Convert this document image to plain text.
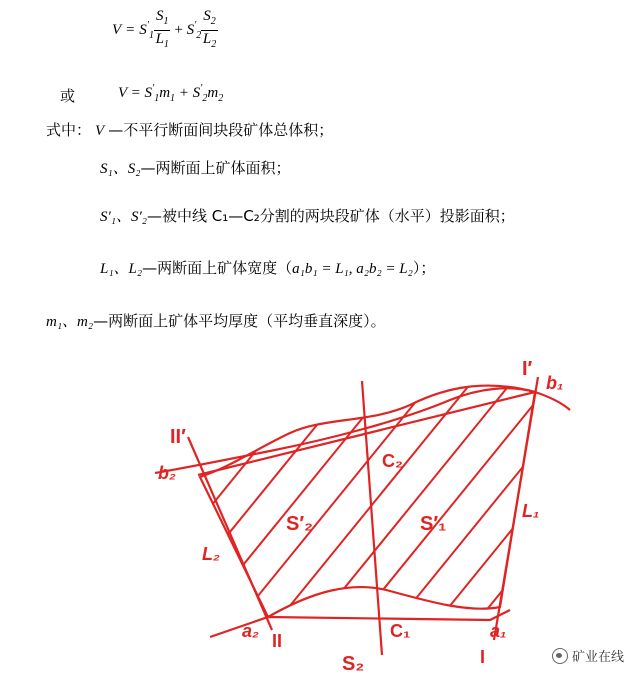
$V = S'_1 \frac{S_1}{L_1} + S'_2 \frac{S_2}{L_2}$
或	$V = S'_1m_1 + S'_2m_2$
式中： V —不平行断面间块段矿体总体积；
S₁、S₂—两断面上矿体面积；
S′₁、S′₂—被中线 C₁—C₂分割的两块段矿体（水平）投影面积；
L₁、L₂—两断面上矿体宽度（a₁b₁ = L₁, a₂b₂ = L₂）；
m₁、m₂—两断面上矿体平均厚度（平均垂直深度）。
I′
b₁
II′
b₂
C₂
L₁
L₂
S′₂	S′₁
a₂ II	C₁	a₁
I
S₂	矿业在线
